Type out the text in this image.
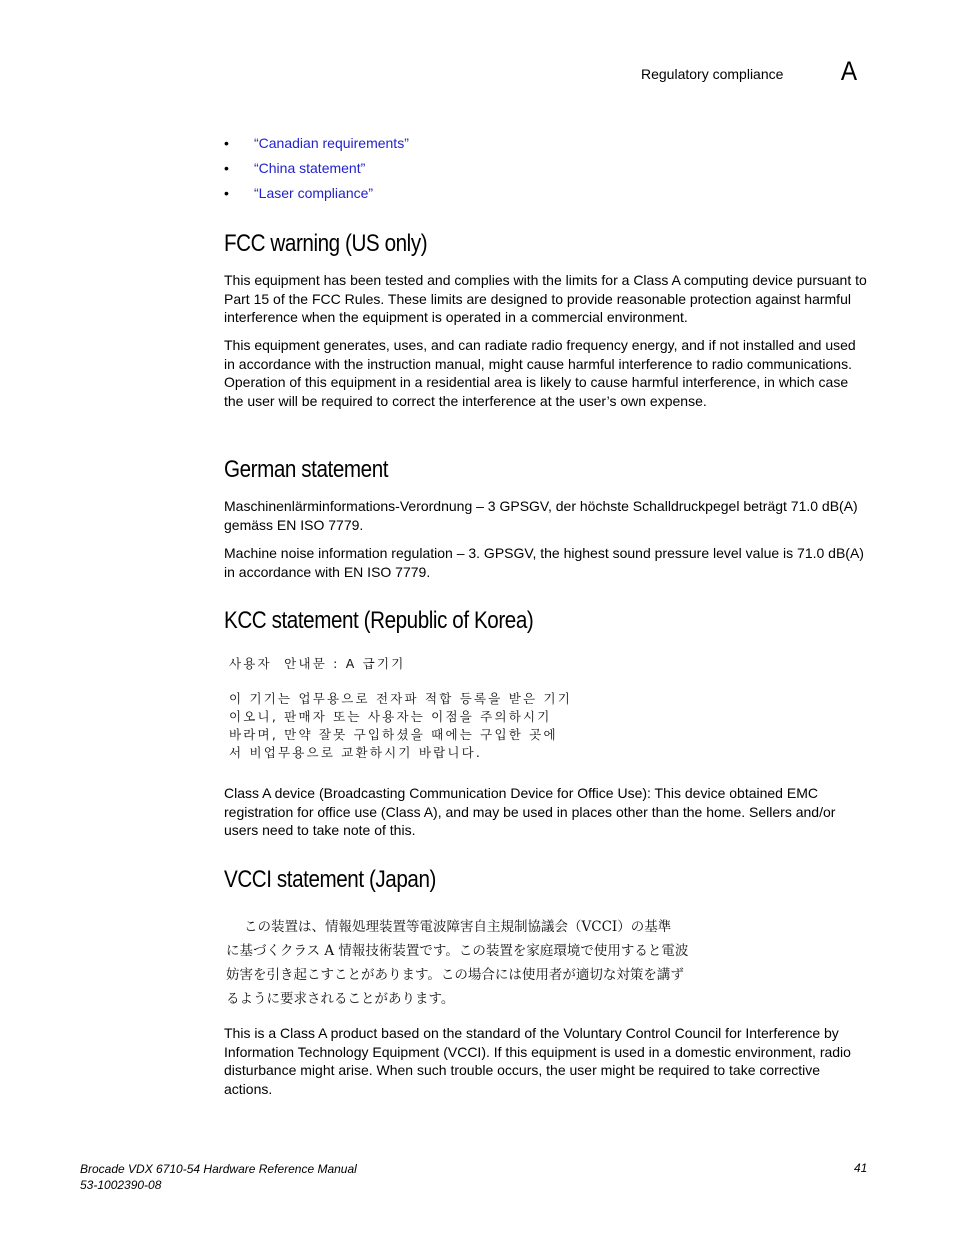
Regulatory compliance A
• “Canadian requirements”
• “China statement”
• “Laser compliance”
FCC warning (US only)

This equipment has been tested and complies with the limits for a Class A computing device pursuant to Part 15 of the FCC Rules. These limits are designed to provide reasonable protection against harmful interference when the equipment is operated in a commercial environment.

This equipment generates, uses, and can radiate radio frequency energy, and if not installed and used in accordance with the instruction manual, might cause harmful interference to radio communications. Operation of this equipment in a residential area is likely to cause harmful interference, in which case the user will be required to correct the interference at the user’s own expense.

German statement

Maschinenlärminformations-Verordnung – 3 GPSGV, der höchste Schalldruckpegel beträgt 71.0 dB(A) gemäss EN ISO 7779.

Machine noise information regulation – 3. GPSGV, the highest sound pressure level value is 71.0 dB(A) in accordance with EN ISO 7779.

KCC statement (Republic of Korea)
사용자  안내문 : A 급기기
이 기기는 업무용으로 전자파 적합 등록을 받은 기기
이오니, 판매자 또는 사용자는 이점을 주의하시기
바라며, 만약 잘못 구입하셨을 때에는 구입한 곳에
서 비업무용으로 교환하시기 바랍니다.

Class A device (Broadcasting Communication Device for Office Use): This device obtained EMC registration for office use (Class A), and may be used in places other than the home. Sellers and/or users need to take note of this.

VCCI statement (Japan)
この装置は、情報処理装置等電波障害自主規制協議会（VCCI）の基準
に基づくクラス A 情報技術装置です。この装置を家庭環境で使用すると電波
妨害を引き起こすことがあります。この場合には使用者が適切な対策を講ず
るように要求されることがあります。

This is a Class A product based on the standard of the Voluntary Control Council for Interference by Information Technology Equipment (VCCI). If this equipment is used in a domestic environment, radio disturbance might arise. When such trouble occurs, the user might be required to take corrective actions.

Brocade VDX 6710-54 Hardware Reference Manual
53-1002390-08
41
